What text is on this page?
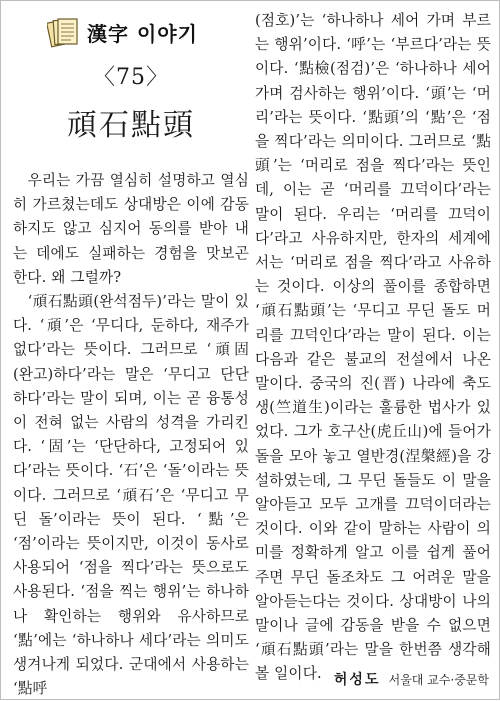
漢字 이야기
〈75〉
頑石點頭

우리는 가끔 열심히 설명하고 열심히 가르쳤는데도 상대방은 이에 감동하지도 않고 심지어 동의를 받아 내는 데에도 실패하는 경험을 맛보곤 한다. 왜 그럴까?

‘頑石點頭(완석점두)’라는 말이 있다. ‘頑’은 ‘무디다, 둔하다, 재주가 없다’라는 뜻이다. 그러므로 ‘頑固(완고)하다’라는 말은 ‘무디고 단단하다’라는 말이 되며, 이는 곧 융통성이 전혀 없는 사람의 성격을 가리킨다. ‘固’는 ‘단단하다, 고정되어 있다’라는 뜻이다. ‘石’은 ‘돌’이라는 뜻이다. 그러므로 ‘頑石’은 ‘무디고 무딘 돌’이라는 뜻이 된다. ‘點’은 ‘점’이라는 뜻이지만, 이것이 동사로 사용되어 ‘점을 찍다’라는 뜻으로도 사용된다. ‘점을 찍는 행위’는 하나하나 확인하는 행위와 유사하므로 ‘點’에는 ‘하나하나 세다’라는 의미도 생겨나게 되었다. 군대에서 사용하는 ‘點呼

(점호)’는 ‘하나하나 세어 가며 부르는 행위’이다. ‘呼’는 ‘부르다’라는 뜻이다. ‘點檢(점검)’은 ‘하나하나 세어 가며 검사하는 행위’이다. ‘頭’는 ‘머리’라는 뜻이다. ‘點頭’의 ‘點’은 ‘점을 찍다’라는 의미이다. 그러므로 ‘點頭’는 ‘머리로 점을 찍다’라는 뜻인데, 이는 곧 ‘머리를 끄덕이다’라는 말이 된다. 우리는 ‘머리를 끄덕이다’라고 사유하지만, 한자의 세계에서는 ‘머리로 점을 찍다’라고 사유하는 것이다. 이상의 풀이를 종합하면 ‘頑石點頭’는 ‘무디고 무딘 돌도 머리를 끄덕인다’라는 말이 된다. 이는 다음과 같은 불교의 전설에서 나온 말이다. 중국의 진(晋) 나라에 축도생(竺道生)이라는 훌륭한 법사가 있었다. 그가 호구산(虎丘山)에 들어가 돌을 모아 놓고 열반경(涅槃經)을 강설하였는데, 그 무딘 돌들도 이 말을 알아듣고 모두 고개를 끄덕이더라는 것이다. 이와 같이 말하는 사람이 의미를 정확하게 알고 이를 쉽게 풀어 주면 무딘 돌조차도 그 어려운 말을 알아듣는다는 것이다. 상대방이 나의 말이나 글에 감동을 받을 수 없으면 ‘頑石點頭’라는 말을 한번쯤 생각해 볼 일이다. 허성도 서울대 교수·중문학
